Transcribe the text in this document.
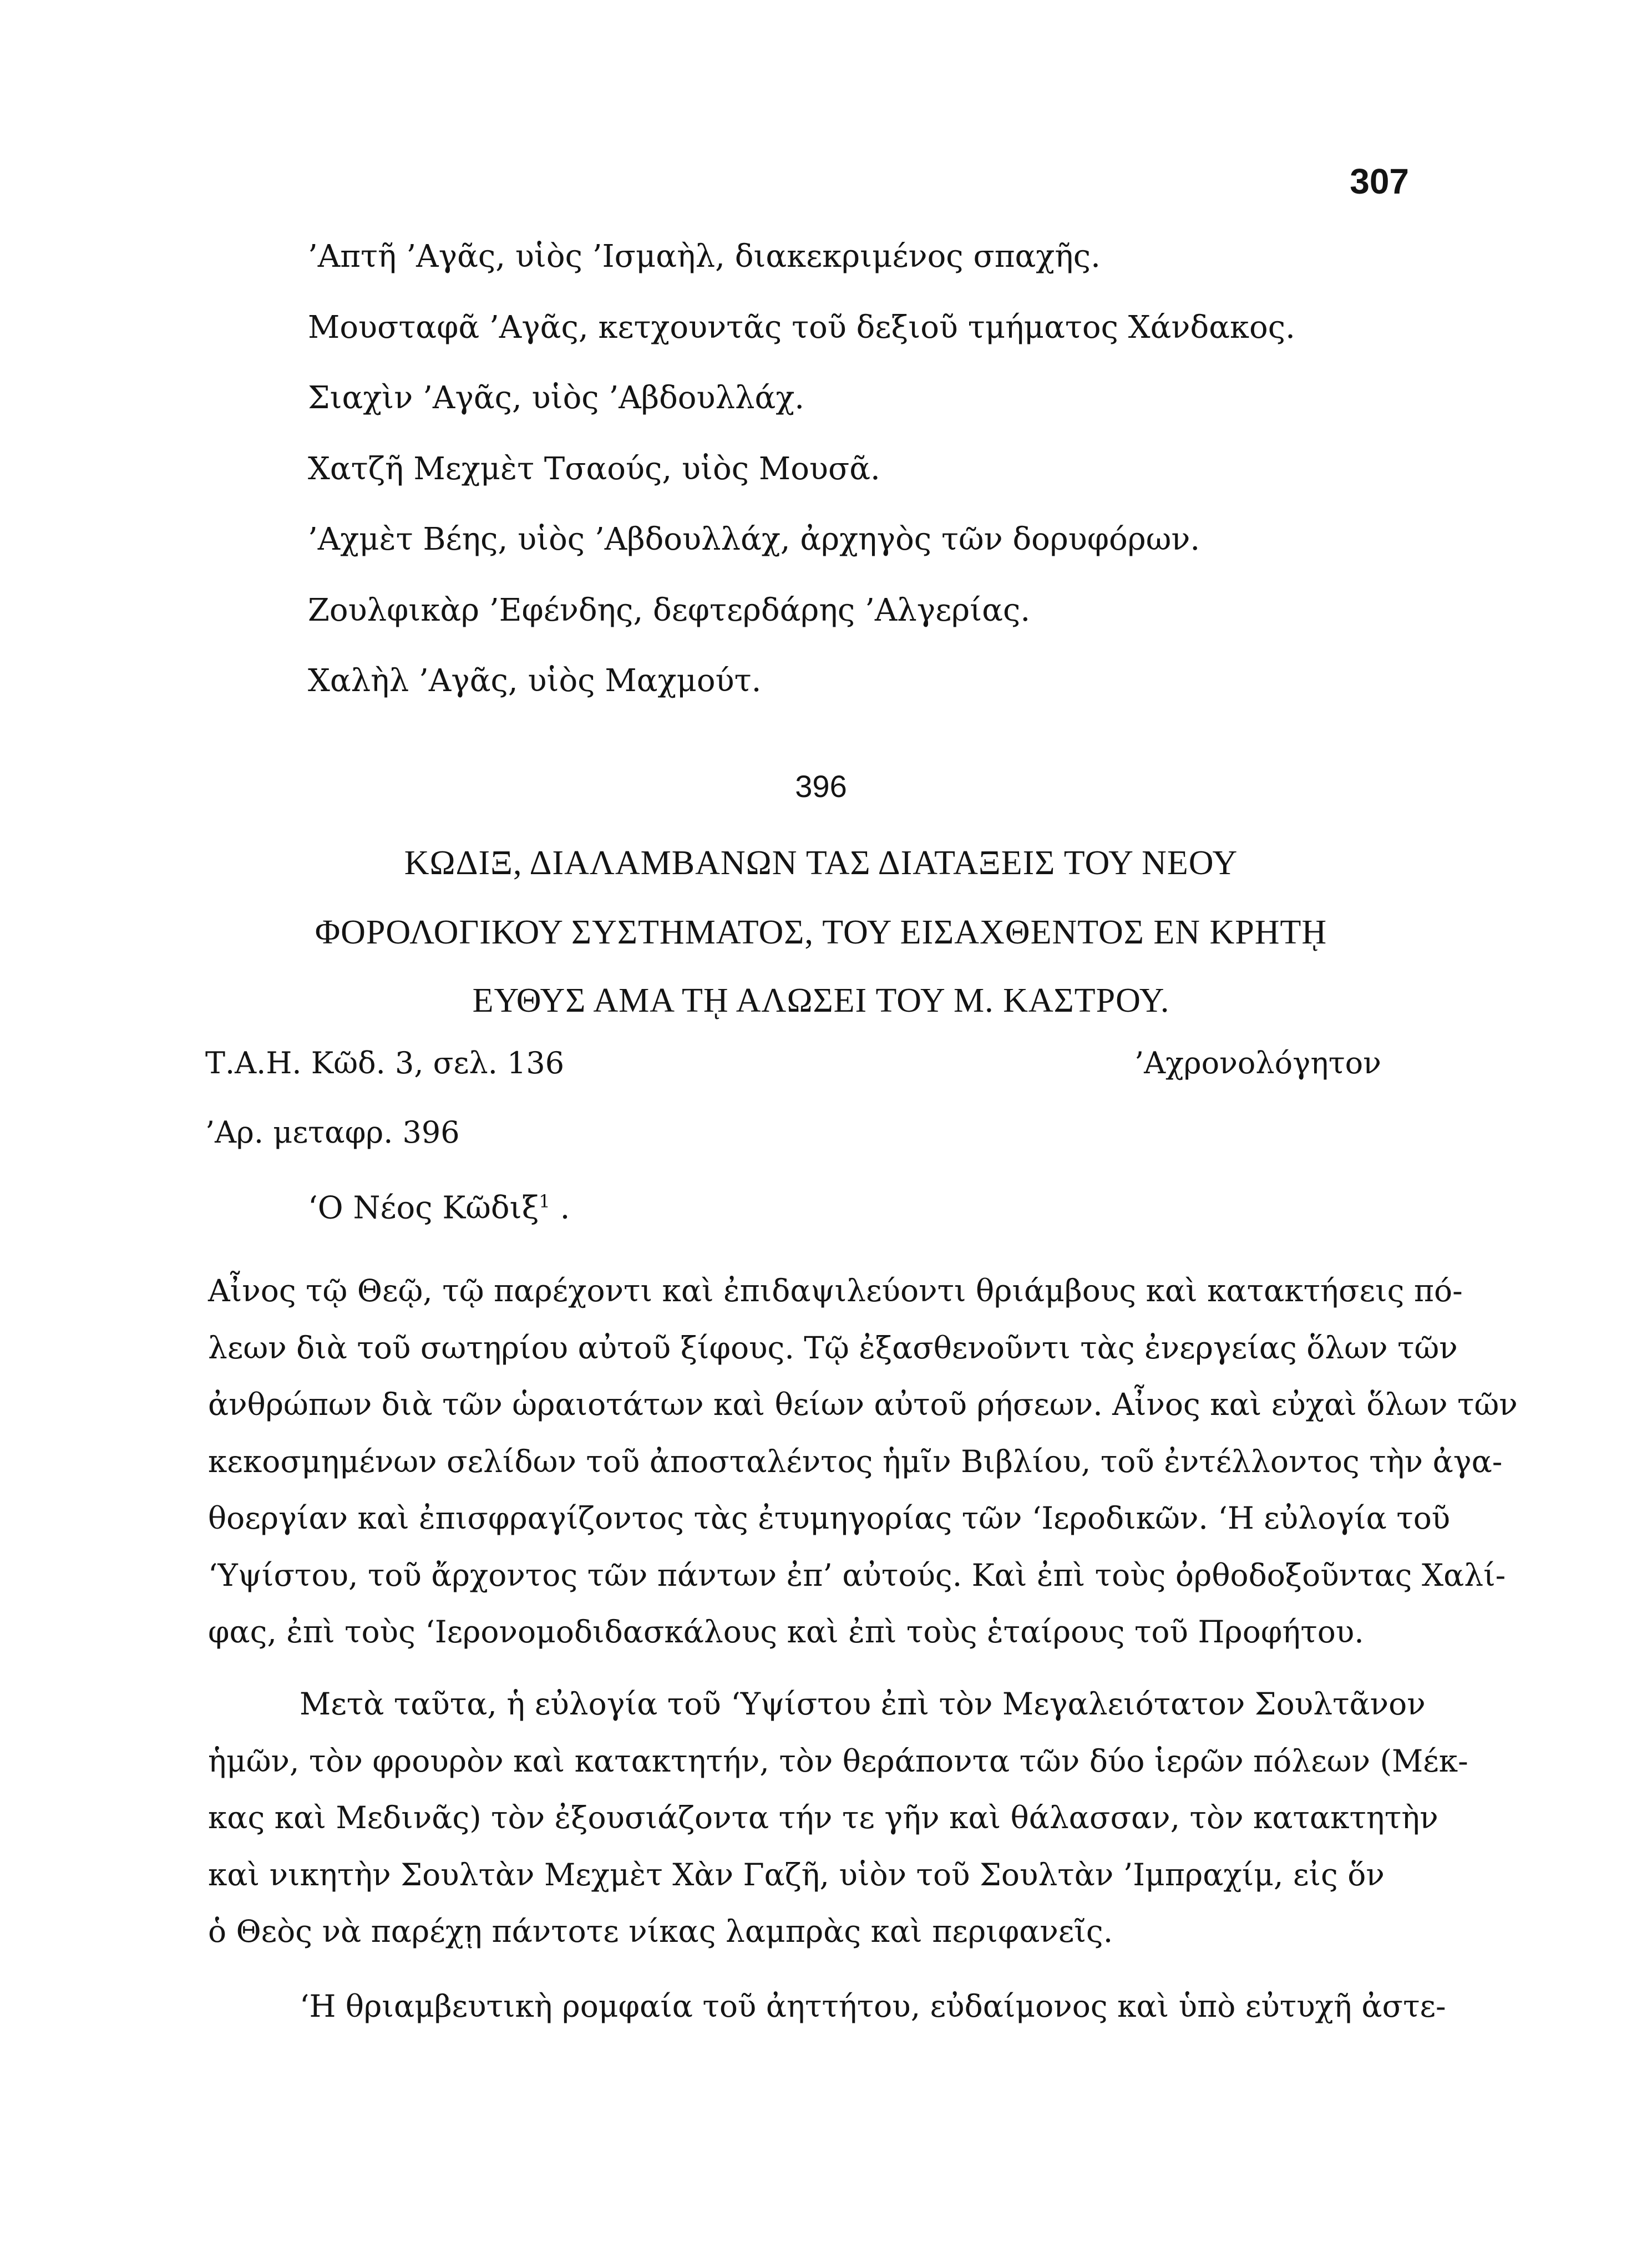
307
’Απτῆ ’Αγᾶς, υἱὸς ’Ισμαὴλ, διακεκριμένος σπαχῆς.
Μουσταφᾶ ’Αγᾶς, κετχουντᾶς τοῦ δεξιοῦ τμήματος Χάνδακος.
Σιαχὶν ’Αγᾶς, υἱὸς ’Αβδουλλάχ.
Χατζῆ Μεχμὲτ Τσαούς, υἱὸς Μουσᾶ.
’Αχμὲτ Βέης, υἱὸς ’Αβδουλλάχ, ἀρχηγὸς τῶν δορυφόρων.
Ζουλφικὰρ ’Εφένδης, δεφτερδάρης ’Αλγερίας.
Χαλὴλ ’Αγᾶς, υἱὸς Μαχμούτ.
396
ΚΩΔΙΞ, ΔΙΑΛΑΜΒΑΝΩΝ ΤΑΣ ΔΙΑΤΑΞΕΙΣ ΤΟΥ ΝΕΟΥ
ΦΟΡΟΛΟΓΙΚΟΥ ΣΥΣΤΗΜΑΤΟΣ, ΤΟΥ ΕΙΣΑΧΘΕΝΤΟΣ ΕΝ ΚΡΗΤῌ
ΕΥΘΥΣ ΑΜΑ Τῌ ΑΛΩΣΕΙ ΤΟΥ Μ. ΚΑΣΤΡΟΥ.
Τ.Α.Η. Κῶδ. 3, σελ. 136	’Αχρονολόγητον
’Αρ. μεταφρ. 396
‘Ο Νέος Κῶδιξ$^1$ .
Αἶνος τῷ Θεῷ, τῷ παρέχοντι καὶ ἐπιδαψιλεύοντι θριάμβους καὶ κατακτήσεις πό-
λεων διὰ τοῦ σωτηρίου αὐτοῦ ξίφους. Τῷ ἐξασθενοῦντι τὰς ἐνεργείας ὅλων τῶν
ἀνθρώπων διὰ τῶν ὡραιοτάτων καὶ θείων αὐτοῦ ρήσεων. Αἶνος καὶ εὐχαὶ ὅλων τῶν
κεκοσμημένων σελίδων τοῦ ἀποσταλέντος ἡμῖν Βιβλίου, τοῦ ἐντέλλοντος τὴν ἀγα-
θοεργίαν καὶ ἐπισφραγίζοντος τὰς ἐτυμηγορίας τῶν ‘Ιεροδικῶν. ‘Η εὐλογία τοῦ
‘Υψίστου, τοῦ ἄρχοντος τῶν πάντων ἐπ’ αὐτούς. Καὶ ἐπὶ τοὺς ὀρθοδοξοῦντας Χαλί-
φας, ἐπὶ τοὺς ‘Ιερονομοδιδασκάλους καὶ ἐπὶ τοὺς ἑταίρους τοῦ Προφήτου.
Μετὰ ταῦτα, ἡ εὐλογία τοῦ ‘Υψίστου ἐπὶ τὸν Μεγαλειότατον Σουλτᾶνον
ἡμῶν, τὸν φρουρὸν καὶ κατακτητήν, τὸν θεράποντα τῶν δύο ἱερῶν πόλεων (Μέκ-
κας καὶ Μεδινᾶς) τὸν ἐξουσιάζοντα τήν τε γῆν καὶ θάλασσαν, τὸν κατακτητὴν
καὶ νικητὴν Σουλτὰν Μεχμὲτ Χὰν Γαζῆ, υἱὸν τοῦ Σουλτὰν ’Ιμπραχίμ, εἰς ὅν
ὁ Θεὸς νὰ παρέχῃ πάντοτε νίκας λαμπρὰς καὶ περιφανεῖς.
‘Η θριαμβευτικὴ ρομφαία τοῦ ἀηττήτου, εὐδαίμονος καὶ ὑπὸ εὐτυχῆ ἀστε-
